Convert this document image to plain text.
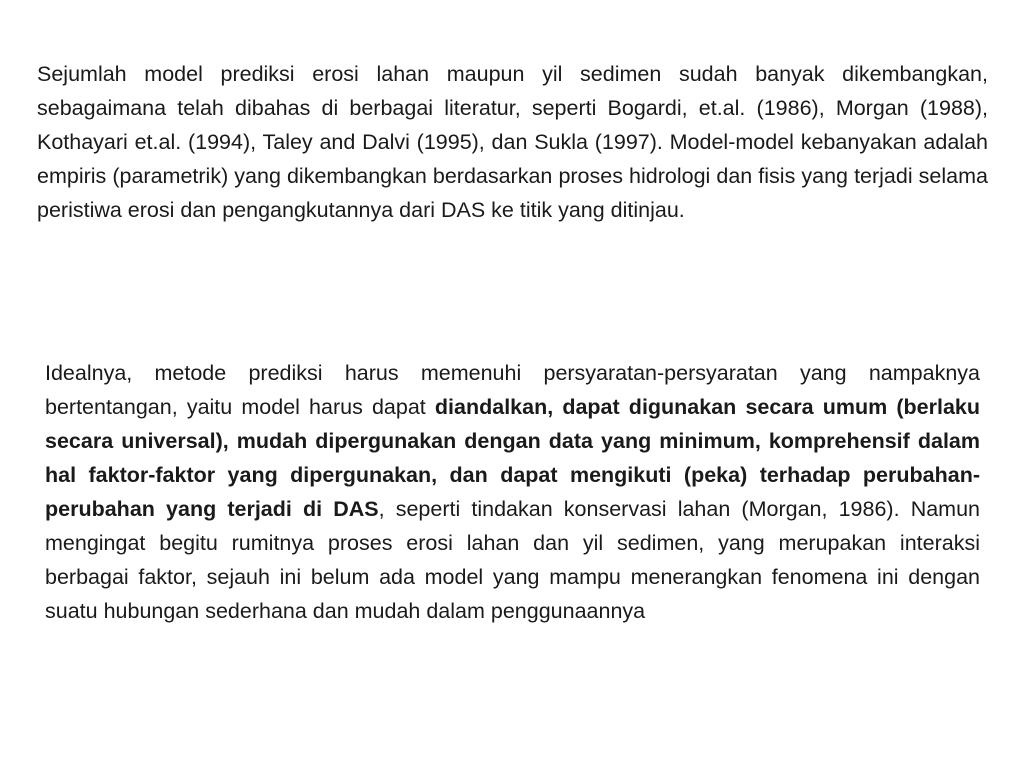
Sejumlah model prediksi erosi lahan maupun yil sedimen sudah banyak dikembangkan, sebagaimana telah dibahas di berbagai literatur, seperti Bogardi, et.al. (1986), Morgan (1988), Kothayari et.al. (1994), Taley and Dalvi (1995), dan Sukla (1997). Model-model kebanyakan adalah empiris (parametrik) yang dikembangkan berdasarkan proses hidrologi dan fisis yang terjadi selama peristiwa erosi dan pengangkutannya dari DAS ke titik yang ditinjau.

Idealnya, metode prediksi harus memenuhi persyaratan-persyaratan yang nampaknya bertentangan, yaitu model harus dapat diandalkan, dapat digunakan secara umum (berlaku secara universal), mudah dipergunakan dengan data yang minimum, komprehensif dalam hal faktor-faktor yang dipergunakan, dan dapat mengikuti (peka) terhadap perubahan-perubahan yang terjadi di DAS, seperti tindakan konservasi lahan (Morgan, 1986). Namun mengingat begitu rumitnya proses erosi lahan dan yil sedimen, yang merupakan interaksi berbagai faktor, sejauh ini belum ada model yang mampu menerangkan fenomena ini dengan suatu hubungan sederhana dan mudah dalam penggunaannya
